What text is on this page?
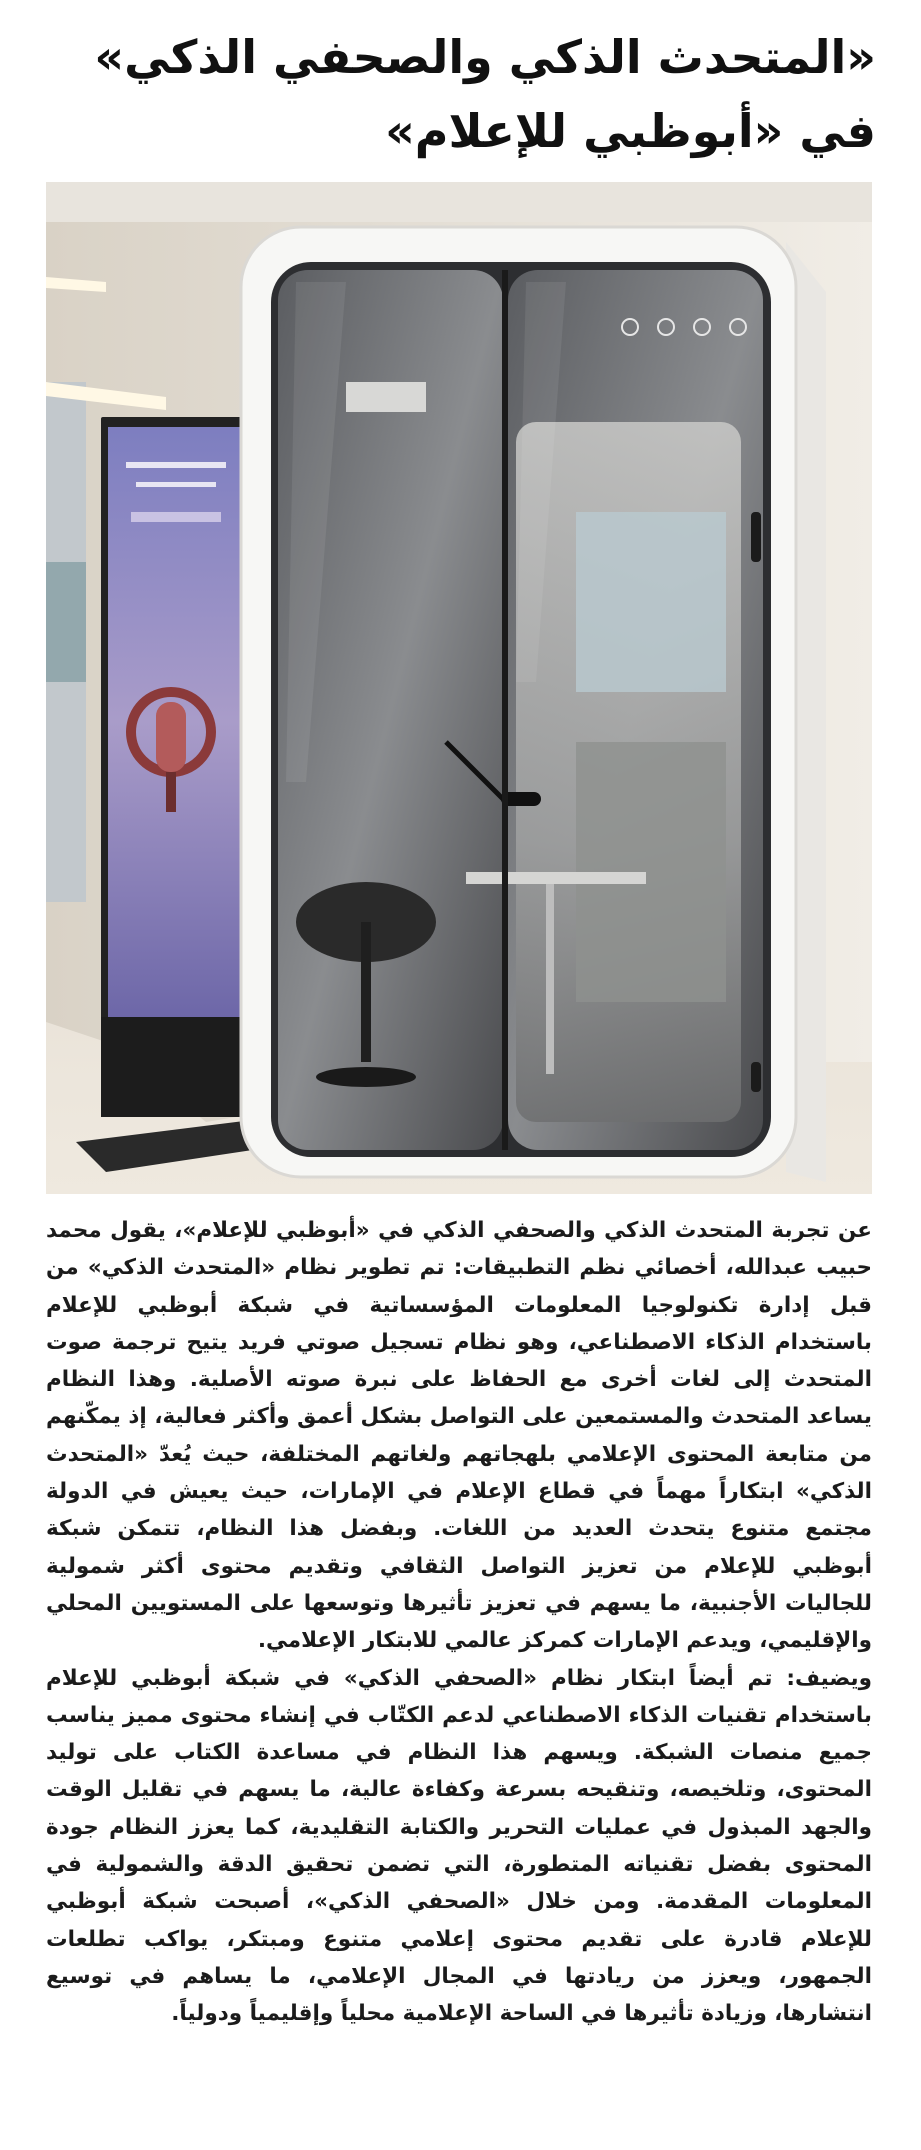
«المتحدث الذكي والصحفي الذكي»
في «أبوظبي للإعلام»

عن تجربة المتحدث الذكي والصحفي الذكي في «أبوظبي للإعلام»، يقول محمد حبيب عبدالله، أخصائي نظم التطبيقات: تم تطوير نظام «المتحدث الذكي» من قبل إدارة تكنولوجيا المعلومات المؤسساتية في شبكة أبوظبي للإعلام باستخدام الذكاء الاصطناعي، وهو نظام تسجيل صوتي فريد يتيح ترجمة صوت المتحدث إلى لغات أخرى مع الحفاظ على نبرة صوته الأصلية. وهذا النظام يساعد المتحدث والمستمعين على التواصل بشكل أعمق وأكثر فعالية، إذ يمكّنهم من متابعة المحتوى الإعلامي بلهجاتهم ولغاتهم المختلفة، حيث يُعدّ «المتحدث الذكي» ابتكاراً مهماً في قطاع الإعلام في الإمارات، حيث يعيش في الدولة مجتمع متنوع يتحدث العديد من اللغات. وبفضل هذا النظام، تتمكن شبكة أبوظبي للإعلام من تعزيز التواصل الثقافي وتقديم محتوى أكثر شمولية للجاليات الأجنبية، ما يسهم في تعزيز تأثيرها وتوسعها على المستويين المحلي والإقليمي، ويدعم الإمارات كمركز عالمي للابتكار الإعلامي.

ويضيف: تم أيضاً ابتكار نظام «الصحفي الذكي» في شبكة أبوظبي للإعلام باستخدام تقنيات الذكاء الاصطناعي لدعم الكتّاب في إنشاء محتوى مميز يناسب جميع منصات الشبكة. ويسهم هذا النظام في مساعدة الكتاب على توليد المحتوى، وتلخيصه، وتنقيحه بسرعة وكفاءة عالية، ما يسهم في تقليل الوقت والجهد المبذول في عمليات التحرير والكتابة التقليدية، كما يعزز النظام جودة المحتوى بفضل تقنياته المتطورة، التي تضمن تحقيق الدقة والشمولية في المعلومات المقدمة. ومن خلال «الصحفي الذكي»، أصبحت شبكة أبوظبي للإعلام قادرة على تقديم محتوى إعلامي متنوع ومبتكر، يواكب تطلعات الجمهور، ويعزز من ريادتها في المجال الإعلامي، ما يساهم في توسيع انتشارها، وزيادة تأثيرها في الساحة الإعلامية محلياً وإقليمياً ودولياً.
